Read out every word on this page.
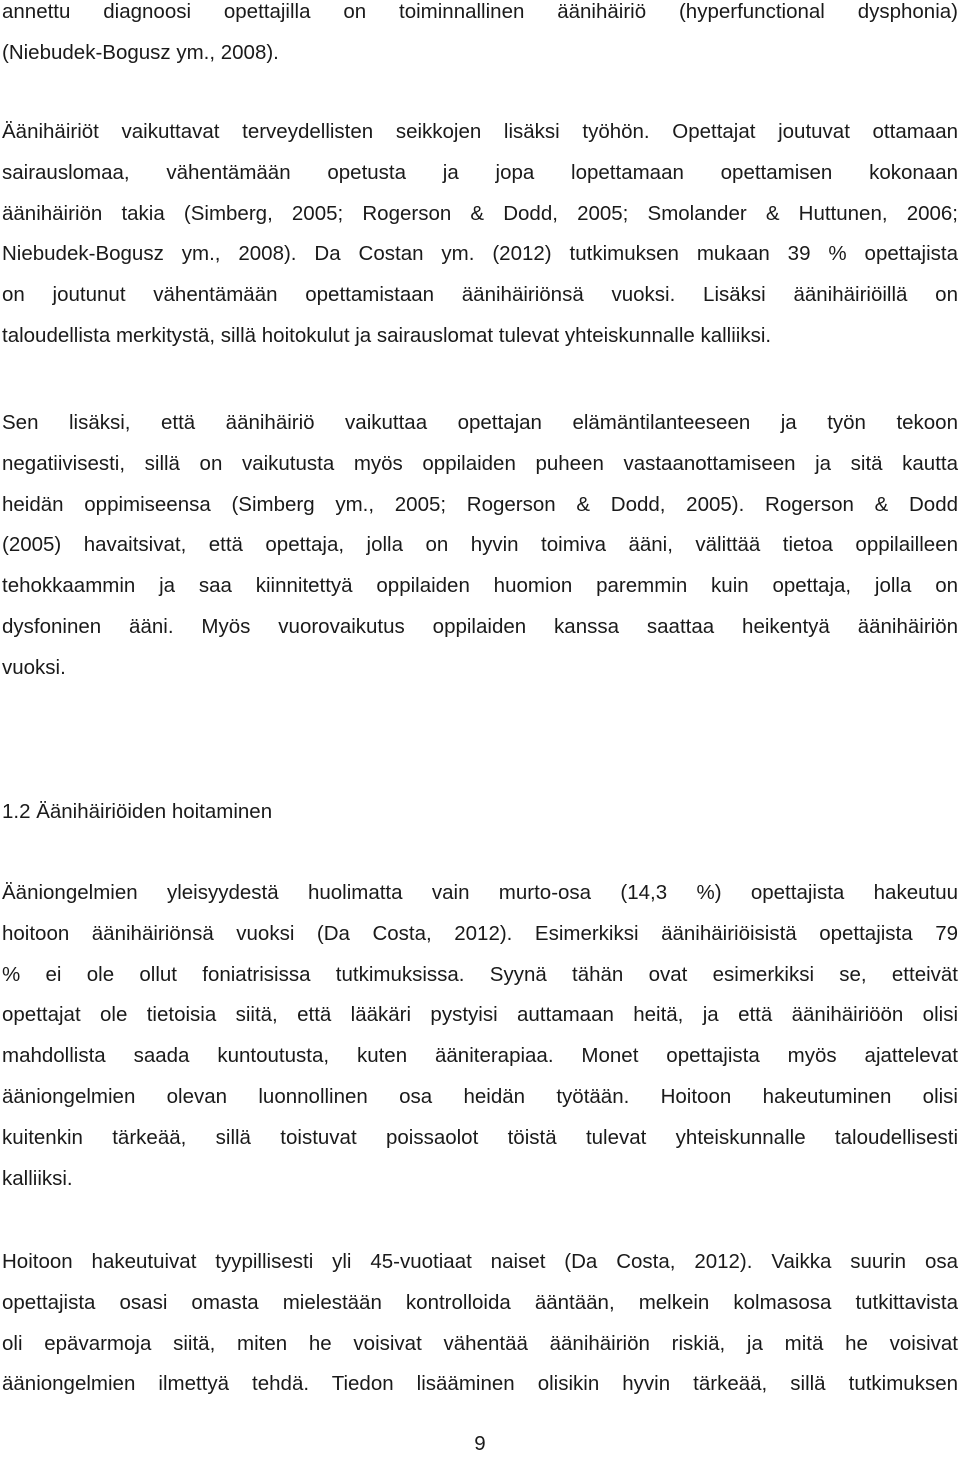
annettu diagnoosi opettajilla on toiminnallinen äänihäiriö (hyperfunctional dysphonia)
(Niebudek-Bogusz ym., 2008).
Äänihäiriöt vaikuttavat terveydellisten seikkojen lisäksi työhön. Opettajat joutuvat ottamaan
sairauslomaa, vähentämään opetusta ja jopa lopettamaan opettamisen kokonaan
äänihäiriön takia (Simberg, 2005; Rogerson & Dodd, 2005; Smolander & Huttunen, 2006;
Niebudek-Bogusz ym., 2008). Da Costan ym. (2012) tutkimuksen mukaan 39 % opettajista
on joutunut vähentämään opettamistaan äänihäiriönsä vuoksi. Lisäksi äänihäiriöillä on
taloudellista merkitystä, sillä hoitokulut ja sairauslomat tulevat yhteiskunnalle kalliiksi.
Sen lisäksi, että äänihäiriö vaikuttaa opettajan elämäntilanteeseen ja työn tekoon
negatiivisesti, sillä on vaikutusta myös oppilaiden puheen vastaanottamiseen ja sitä kautta
heidän oppimiseensa (Simberg ym., 2005; Rogerson & Dodd, 2005). Rogerson & Dodd
(2005) havaitsivat, että opettaja, jolla on hyvin toimiva ääni, välittää tietoa oppilailleen
tehokkaammin ja saa kiinnitettyä oppilaiden huomion paremmin kuin opettaja, jolla on
dysfoninen ääni. Myös vuorovaikutus oppilaiden kanssa saattaa heikentyä äänihäiriön
vuoksi.
1.2 Äänihäiriöiden hoitaminen
Ääniongelmien yleisyydestä huolimatta vain murto-osa (14,3 %) opettajista hakeutuu
hoitoon äänihäiriönsä vuoksi (Da Costa, 2012). Esimerkiksi äänihäiriöisistä opettajista 79
% ei ole ollut foniatrisissa tutkimuksissa. Syynä tähän ovat esimerkiksi se, etteivät
opettajat ole tietoisia siitä, että lääkäri pystyisi auttamaan heitä, ja että äänihäiriöön olisi
mahdollista saada kuntoutusta, kuten ääniterapiaa. Monet opettajista myös ajattelevat
ääniongelmien olevan luonnollinen osa heidän työtään. Hoitoon hakeutuminen olisi
kuitenkin tärkeää, sillä toistuvat poissaolot töistä tulevat yhteiskunnalle taloudellisesti
kalliiksi.
Hoitoon hakeutuivat tyypillisesti yli 45-vuotiaat naiset (Da Costa, 2012). Vaikka suurin osa
opettajista osasi omasta mielestään kontrolloida ääntään, melkein kolmasosa tutkittavista
oli epävarmoja siitä, miten he voisivat vähentää äänihäiriön riskiä, ja mitä he voisivat
ääniongelmien ilmettyä tehdä. Tiedon lisääminen olisikin hyvin tärkeää, sillä tutkimuksen
9
